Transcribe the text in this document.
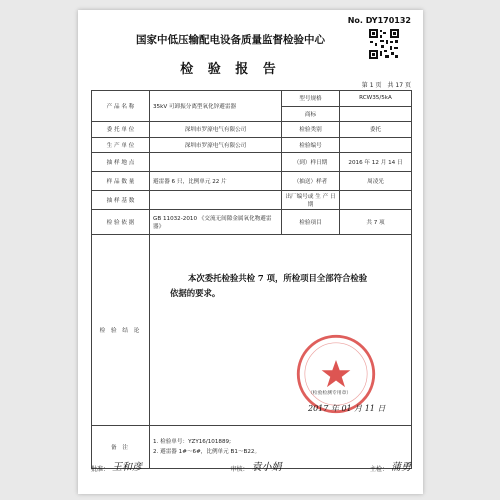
No. DY170132
国家中低压输配电设备质量监督检验中心
检 验 报 告
第 1 页 共 17 页
产 品 名 称	35kV 可卸振分离型氧化锌避雷器	型号规格	RCW35/5kA
		商标	
委 托 单 位	深圳市罗濠电气有限公司	检验类别	委托
生 产 单 位	深圳市罗濠电气有限公司	检验编号	
抽 样 地 点		（到）样日期	2016 年 12 月 14 日
样 品 数 量	避雷器 6 只，比例单元 22 片	（抽送）样者	周凌光
抽 样 基 数		出厂编号或 生 产 日 期	
检 验 依 据	GB 11032-2010 《交流无间隙金属氧化物避雷器》	检验项目	共 7 项
检 验 结 论	本次委托检验共检 7 项，所检项目全部符合检验依据的要求。
（检验检测专用章）
2017 年 01 月 11 日		

备 注	1. 检验单号：YZY16/101889;
2. 避雷器 1#～6#，比例单元 B1～B22。		
批准： 王和彦	审核： 袁小娟	主检： 蒲勇
